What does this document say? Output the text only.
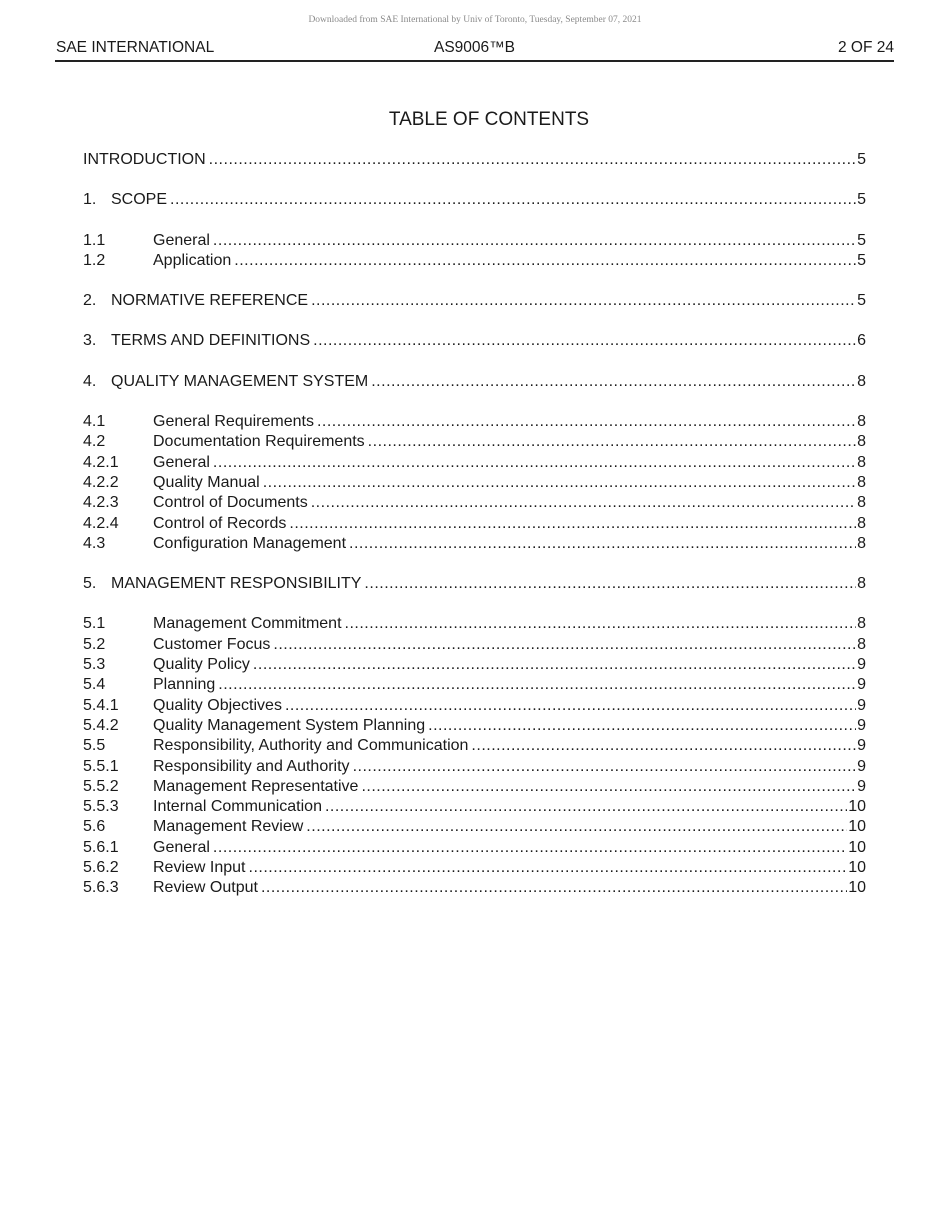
Downloaded from SAE International by Univ of Toronto, Tuesday, September 07, 2021
SAE INTERNATIONAL	AS9006™B	2 OF 24
TABLE OF CONTENTS
INTRODUCTION .....	5
1. SCOPE .....	5
1.1	General .....	5
1.2	Application .....	5
2. NORMATIVE REFERENCE .....	5
3. TERMS AND DEFINITIONS .....	6
4. QUALITY MANAGEMENT SYSTEM .....	8
4.1	General Requirements .....	8
4.2	Documentation Requirements .....	8
4.2.1	General .....	8
4.2.2	Quality Manual .....	8
4.2.3	Control of Documents .....	8
4.2.4	Control of Records .....	8
4.3	Configuration Management .....	8
5. MANAGEMENT RESPONSIBILITY .....	8
5.1	Management Commitment .....	8
5.2	Customer Focus .....	8
5.3	Quality Policy .....	9
5.4	Planning .....	9
5.4.1	Quality Objectives .....	9
5.4.2	Quality Management System Planning .....	9
5.5	Responsibility, Authority and Communication .....	9
5.5.1	Responsibility and Authority .....	9
5.5.2	Management Representative .....	9
5.5.3	Internal Communication .....	10
5.6	Management Review .....	10
5.6.1	General .....	10
5.6.2	Review Input .....	10
5.6.3	Review Output .....	10
